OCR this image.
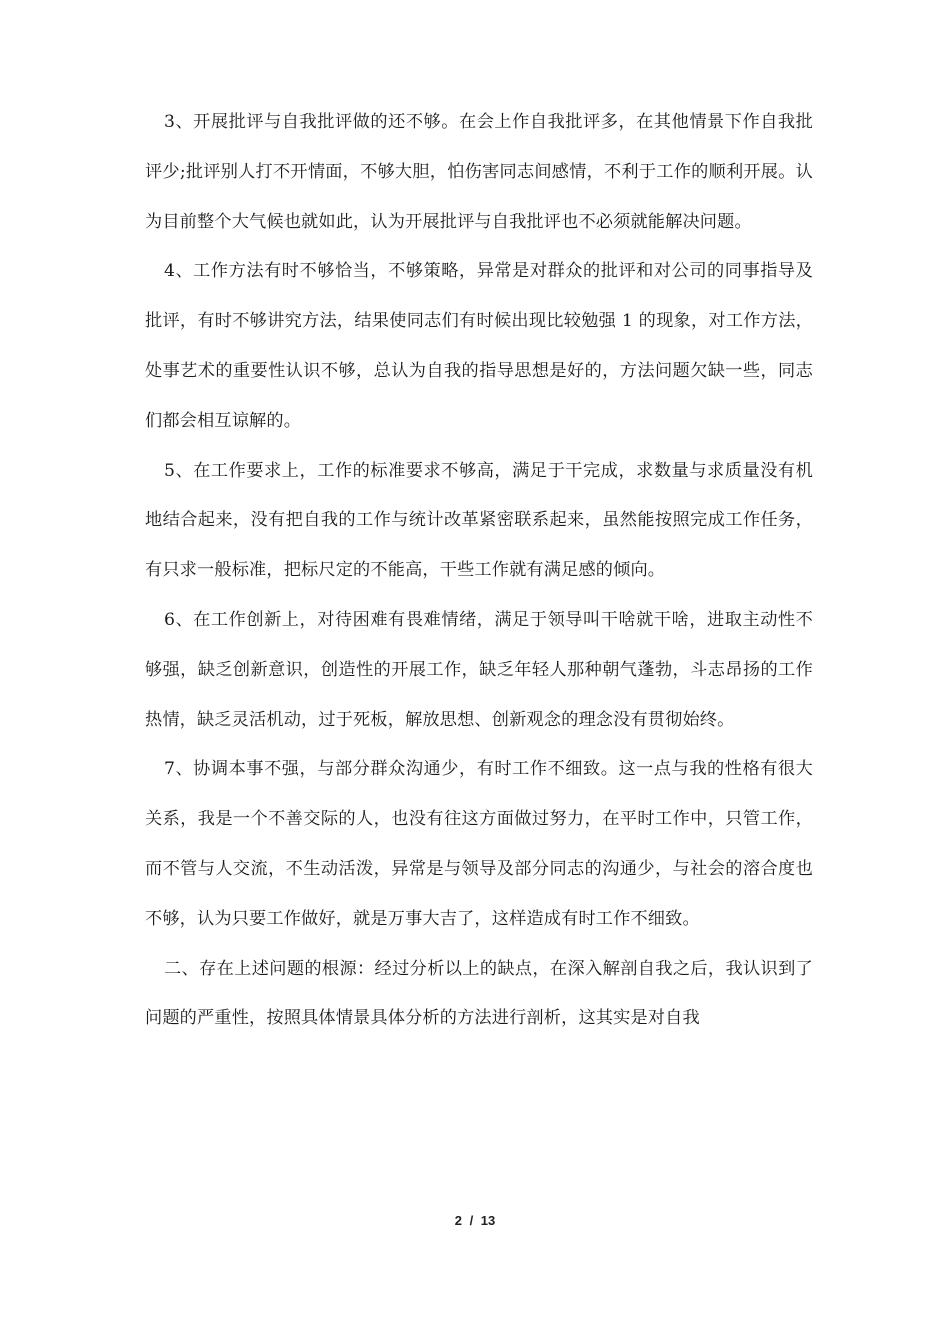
3、开展批评与自我批评做的还不够。在会上作自我批评多，在其他情景下作自我批评少;批评别人打不开情面，不够大胆，怕伤害同志间感情，不利于工作的顺利开展。认为目前整个大气候也就如此，认为开展批评与自我批评也不必须就能解决问题。

4、工作方法有时不够恰当，不够策略，异常是对群众的批评和对公司的同事指导及批评，有时不够讲究方法，结果使同志们有时候出现比较勉强 1 的现象，对工作方法，处事艺术的重要性认识不够，总认为自我的指导思想是好的，方法问题欠缺一些，同志们都会相互谅解的。

5、在工作要求上，工作的标准要求不够高，满足于干完成，求数量与求质量没有机地结合起来，没有把自我的工作与统计改革紧密联系起来，虽然能按照完成工作任务，有只求一般标准，把标尺定的不能高，干些工作就有满足感的倾向。

6、在工作创新上，对待困难有畏难情绪，满足于领导叫干啥就干啥，进取主动性不够强，缺乏创新意识，创造性的开展工作，缺乏年轻人那种朝气蓬勃，斗志昂扬的工作热情，缺乏灵活机动，过于死板，解放思想、创新观念的理念没有贯彻始终。

7、协调本事不强，与部分群众沟通少，有时工作不细致。这一点与我的性格有很大关系，我是一个不善交际的人，也没有往这方面做过努力，在平时工作中，只管工作，而不管与人交流，不生动活泼，异常是与领导及部分同志的沟通少，与社会的溶合度也不够，认为只要工作做好，就是万事大吉了，这样造成有时工作不细致。

二、存在上述问题的根源：经过分析以上的缺点，在深入解剖自我之后，我认识到了问题的严重性，按照具体情景具体分析的方法进行剖析，这其实是对自我

2 / 13
